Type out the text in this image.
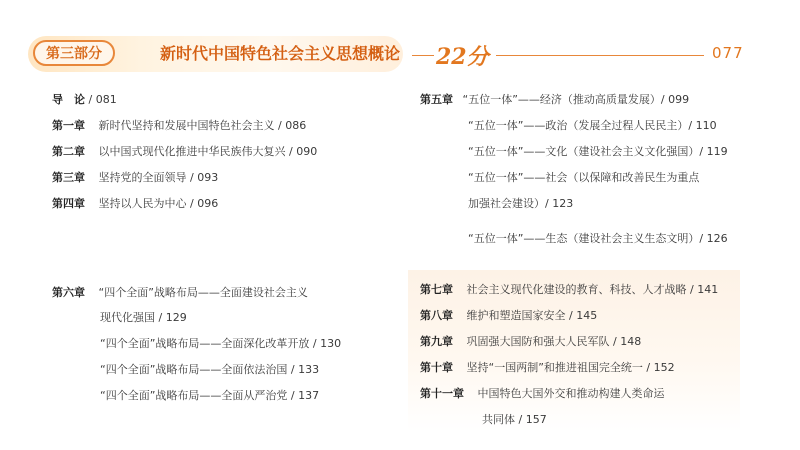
第三部分	新时代中国特色社会主义思想概论 22分	077
导　论 / 081
第一章 新时代坚持和发展中国特色社会主义 / 086
第二章 以中国式现代化推进中华民族伟大复兴 / 090
第三章 坚持党的全面领导 / 093
第四章 坚持以人民为中心 / 096
第六章 “四个全面”战略布局——全面建设社会主义
现代化强国 / 129
“四个全面”战略布局——全面深化改革开放 / 130
“四个全面”战略布局——全面依法治国 / 133
“四个全面”战略布局——全面从严治党 / 137
第五章 “五位一体”——经济（推动高质量发展）/ 099
“五位一体”——政治（发展全过程人民民主）/ 110
“五位一体”——文化（建设社会主义文化强国）/ 119
“五位一体”——社会（以保障和改善民生为重点
加强社会建设）/ 123
“五位一体”——生态（建设社会主义生态文明）/ 126
第七章 社会主义现代化建设的教育、科技、人才战略 / 141
第八章 维护和塑造国家安全 / 145
第九章 巩固强大国防和强大人民军队 / 148
第十章 坚持“一国两制”和推进祖国完全统一 / 152
第十一章 中国特色大国外交和推动构建人类命运
共同体 / 157
